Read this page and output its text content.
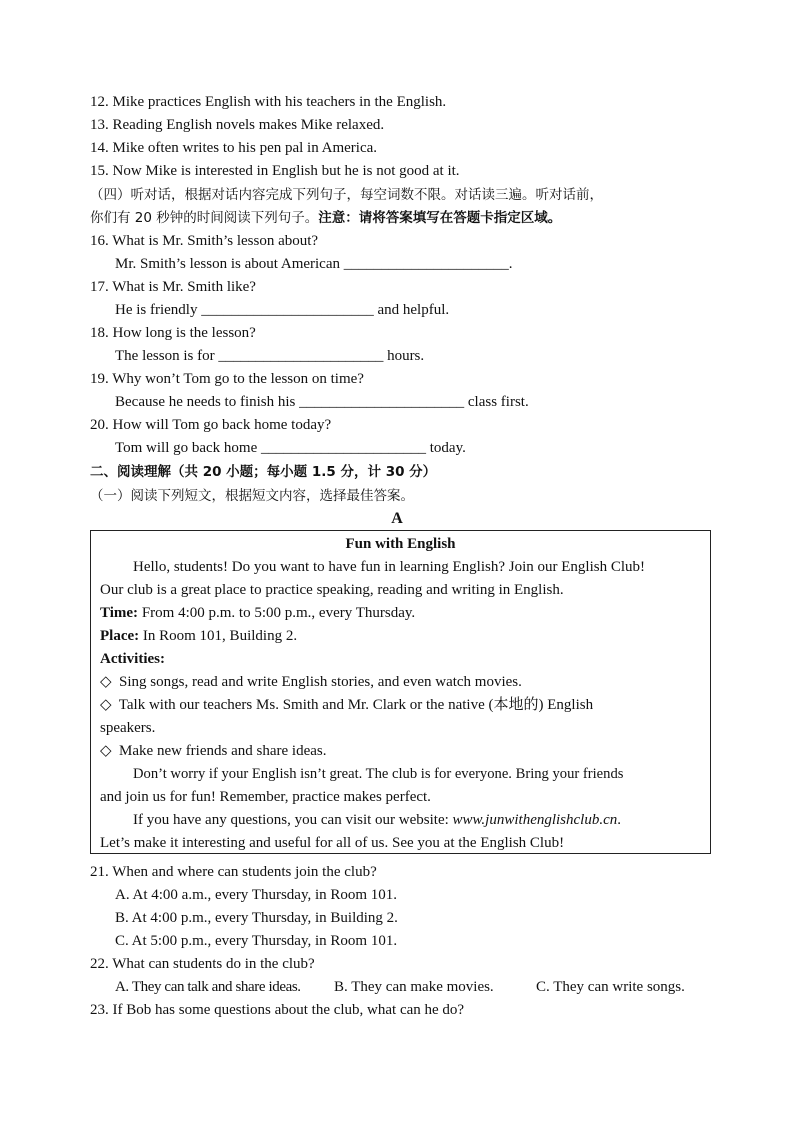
12. Mike practices English with his teachers in the English.
13. Reading English novels makes Mike relaxed.
14. Mike often writes to his pen pal in America.
15. Now Mike is interested in English but he is not good at it.
（四）听对话，根据对话内容完成下列句子，每空词数不限。对话读三遍。听对话前，
你们有 20 秒钟的时间阅读下列句子。注意：请将答案填写在答题卡指定区域。
16. What is Mr. Smith’s lesson about?
Mr. Smith’s lesson is about American ______________________.
17. What is Mr. Smith like?
He is friendly _______________________ and helpful.
18. How long is the lesson?
The lesson is for ______________________ hours.
19. Why won’t Tom go to the lesson on time?
Because he needs to finish his ______________________ class first.
20. How will Tom go back home today?
Tom will go back home ______________________ today.
二、阅读理解（共 20 小题；每小题 1.5 分，计 30 分）
（一）阅读下列短文，根据短文内容，选择最佳答案。
A
Fun with English
Hello, students! Do you want to have fun in learning English? Join our English Club!
Our club is a great place to practice speaking, reading and writing in English.
Time: From 4:00 p.m. to 5:00 p.m., every Thursday.
Place: In Room 101, Building 2.
Activities:
◇ Sing songs, read and write English stories, and even watch movies.
◇ Talk with our teachers Ms. Smith and Mr. Clark or the native (本地的) English
speakers.
◇ Make new friends and share ideas.
Don’t worry if your English isn’t great. The club is for everyone. Bring your friends
and join us for fun! Remember, practice makes perfect.
If you have any questions, you can visit our website: www.junwithenglishclub.cn.
Let’s make it interesting and useful for all of us. See you at the English Club!
21. When and where can students join the club?
A. At 4:00 a.m., every Thursday, in Room 101.
B. At 4:00 p.m., every Thursday, in Building 2.
C. At 5:00 p.m., every Thursday, in Room 101.
22. What can students do in the club?
A. They can talk and share ideas. B. They can make movies.	C. They can write songs.
23. If Bob has some questions about the club, what can he do?
